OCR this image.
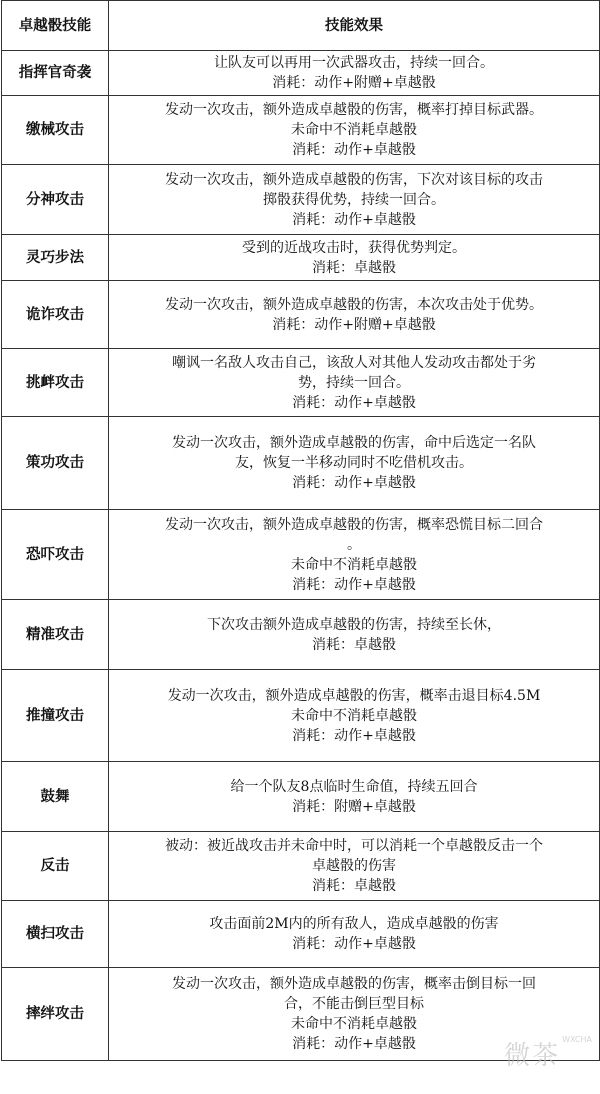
卓越骰技能	技能效果
指挥官奇袭	让队友可以再用一次武器攻击，持续一回合。
消耗：动作+附赠+卓越骰

缴械攻击	发动一次攻击，额外造成卓越骰的伤害，概率打掉目标武器。
未命中不消耗卓越骰
消耗：动作+卓越骰

分神攻击	发动一次攻击，额外造成卓越骰的伤害，下次对该目标的攻击
掷骰获得优势，持续一回合。
消耗：动作+卓越骰

灵巧步法	受到的近战攻击时，获得优势判定。
消耗：卓越骰

诡诈攻击	发动一次攻击，额外造成卓越骰的伤害，本次攻击处于优势。
消耗：动作+附赠+卓越骰

挑衅攻击	嘲讽一名敌人攻击自己，该敌人对其他人发动攻击都处于劣
势，持续一回合。
消耗：动作+卓越骰

策功攻击	发动一次攻击，额外造成卓越骰的伤害，命中后选定一名队
友，恢复一半移动同时不吃借机攻击。
消耗：动作+卓越骰

恐吓攻击	发动一次攻击，额外造成卓越骰的伤害，概率恐慌目标二回合
。
未命中不消耗卓越骰
消耗：动作+卓越骰

精准攻击	下次攻击额外造成卓越骰的伤害，持续至长休，
消耗：卓越骰

推撞攻击	发动一次攻击，额外造成卓越骰的伤害，概率击退目标4.5M
未命中不消耗卓越骰
消耗：动作+卓越骰

鼓舞	给一个队友8点临时生命值，持续五回合
消耗：附赠+卓越骰

反击	被动：被近战攻击并未命中时，可以消耗一个卓越骰反击一个
卓越骰的伤害
消耗：卓越骰

横扫攻击	攻击面前2M内的所有敌人，造成卓越骰的伤害
消耗：动作+卓越骰

摔绊攻击	发动一次攻击，额外造成卓越骰的伤害，概率击倒目标一回
合，不能击倒巨型目标
未命中不消耗卓越骰
消耗：动作+卓越骰	微茶$^{WXCHA}$
